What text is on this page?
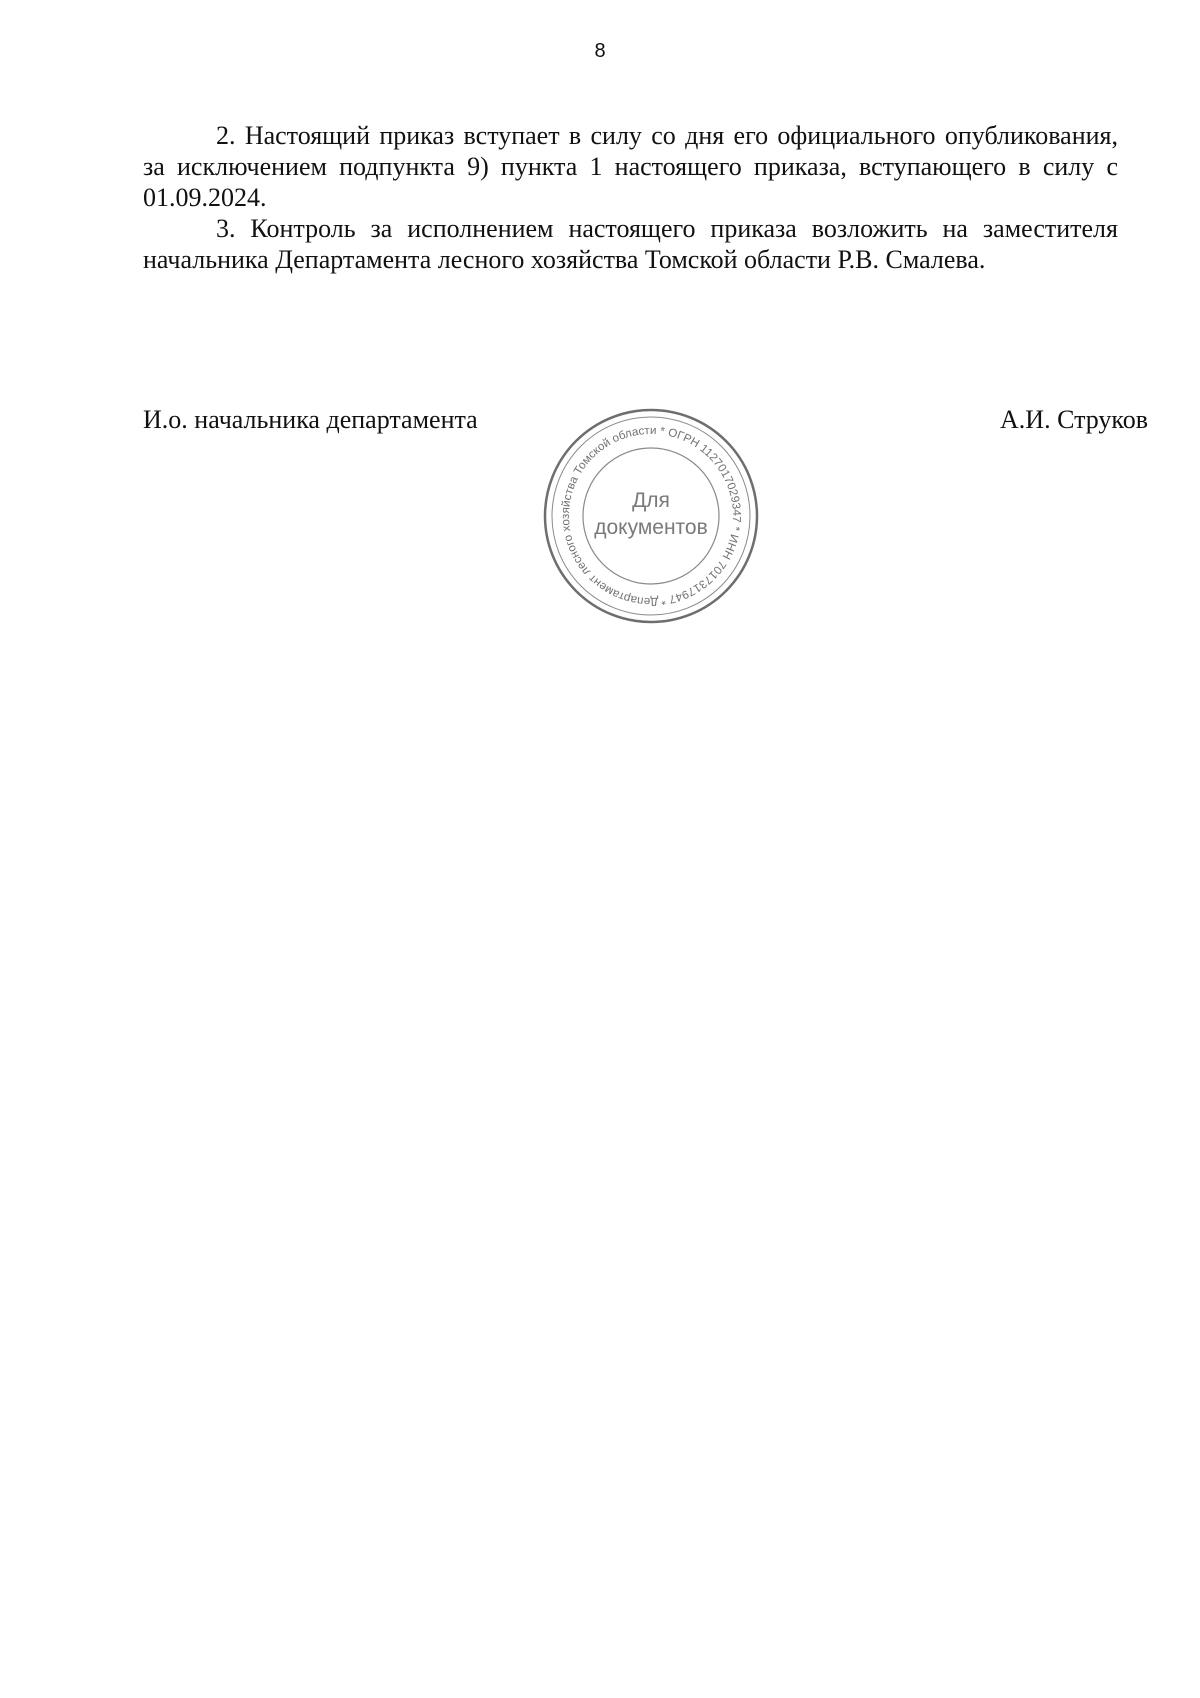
8

2. Настоящий приказ вступает в силу со дня его официального опубликования, за исключением подпункта 9) пункта 1 настоящего приказа, вступающего в силу с 01.09.2024.

3. Контроль за исполнением настоящего приказа возложить на заместителя начальника Департамента лесного хозяйства Томской области Р.В. Смалева.

И.о. начальника департамента	А.И. Струков
Департамент лесного хозяйства Томской области * ОГРН 1127017029347 * ИНН 7017317947 *
Для
документов
